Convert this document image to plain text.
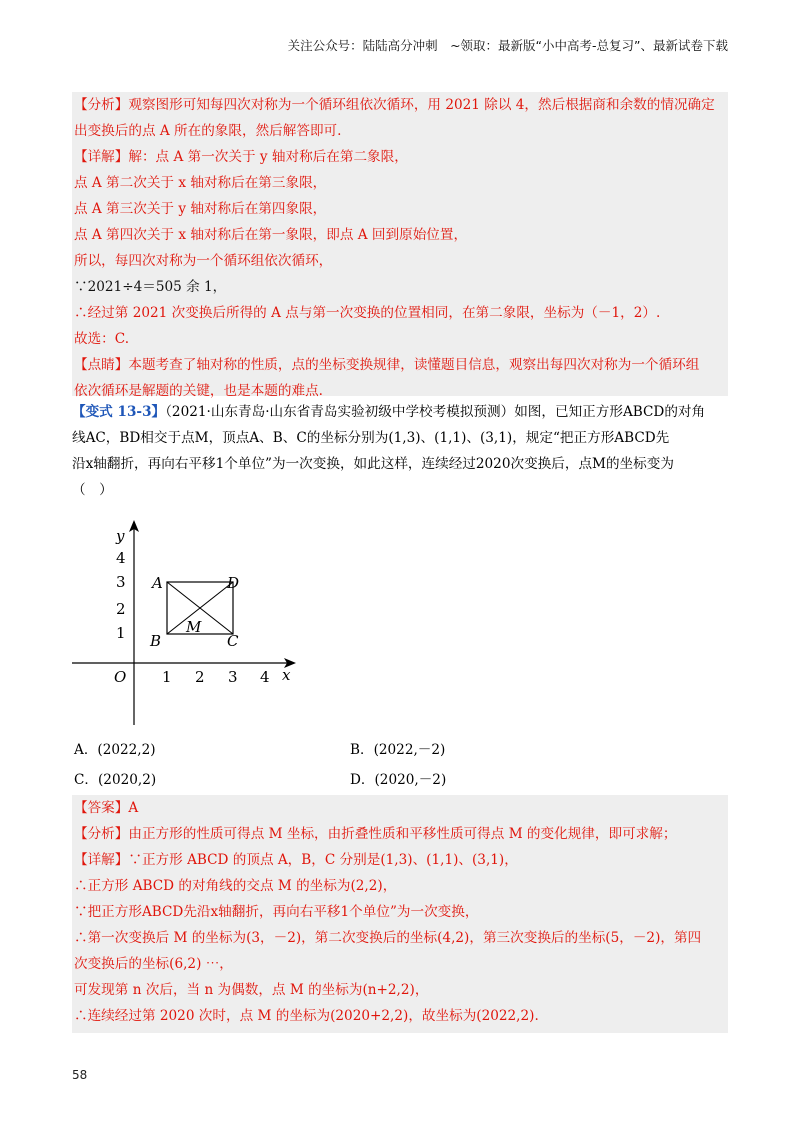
关注公众号：陆陆高分冲刺　~领取：最新版“小中高考-总复习”、最新试卷下载
【分析】观察图形可知每四次对称为一个循环组依次循环，用 2021 除以 4，然后根据商和余数的情况确定
出变换后的点 A 所在的象限，然后解答即可.
【详解】解：点 A 第一次关于 y 轴对称后在第二象限，
点 A 第二次关于 x 轴对称后在第三象限，
点 A 第三次关于 y 轴对称后在第四象限，
点 A 第四次关于 x 轴对称后在第一象限，即点 A 回到原始位置，
所以，每四次对称为一个循环组依次循环，
∵2021÷4＝505 余 1，
∴经过第 2021 次变换后所得的 A 点与第一次变换的位置相同，在第二象限，坐标为（－1，2）.
故选：C.
【点睛】本题考查了轴对称的性质，点的坐标变换规律，读懂题目信息，观察出每四次对称为一个循环组
依次循环是解题的关键，也是本题的难点.
【变式 13-3】（2021·山东青岛·山东省青岛实验初级中学校考模拟预测）如图，已知正方形ABCD的对角
线AC，BD相交于点M，顶点A、B、C的坐标分别为(1,3)、(1,1)、(3,1)，规定“把正方形ABCD先
沿x轴翻折，再向右平移1个单位”为一次变换，如此这样，连续经过2020次变换后，点M的坐标变为
（　）
y
x
O
4
3
2
1
1 2 3 4
A	D
B	C
M
A．(2022,2)	B．(2022,－2)
C．(2020,2)	D．(2020,－2)
【答案】A
【分析】由正方形的性质可得点 M 坐标，由折叠性质和平移性质可得点 M 的变化规律，即可求解；
【详解】∵正方形 ABCD 的顶点 A，B，C 分别是(1,3)、(1,1)、(3,1)，
∴正方形 ABCD 的对角线的交点 M 的坐标为(2,2)，
∵把正方形ABCD先沿x轴翻折，再向右平移1个单位”为一次变换，
∴第一次变换后 M 的坐标为(3，－2)，第二次变换后的坐标(4,2)，第三次变换后的坐标(5，－2)，第四
次变换后的坐标(6,2) ⋯，
可发现第 n 次后，当 n 为偶数，点 M 的坐标为(n+2,2)，
∴连续经过第 2020 次时，点 M 的坐标为(2020+2,2)，故坐标为(2022,2).
58
